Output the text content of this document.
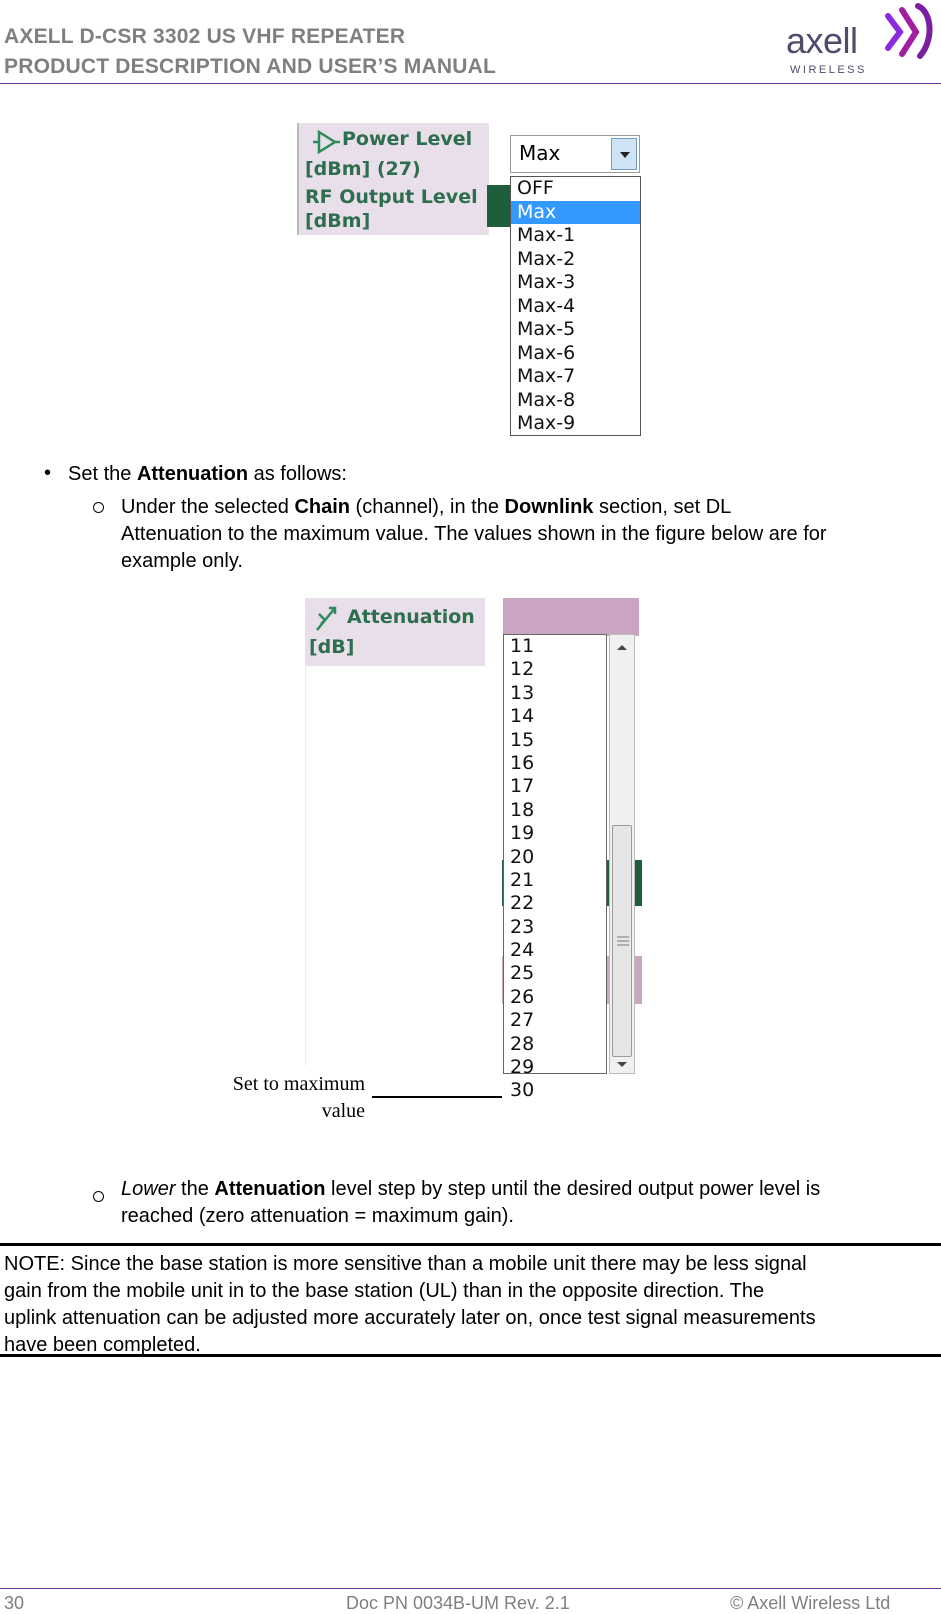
AXELL D-CSR 3302 US VHF REPEATER
PRODUCT DESCRIPTION AND USER’S MANUAL
axell
WIRELESS
Power Level
[dBm] (27)
RF Output Level
[dBm]
Max
OFF
Max
Max-1
Max-2
Max-3
Max-4
Max-5
Max-6
Max-7
Max-8
Max-9
• Set the Attenuation as follows:
Under the selected Chain (channel), in the Downlink section, set DL
Attenuation to the maximum value. The values shown in the figure below are for
example only.
Attenuation
[dB]	11
12
13
14
15
16
17
18
19
20
21
22
23
24
25
26
27
28
29
30
Set to maximum
value
Lower the Attenuation level step by step until the desired output power level is
reached (zero attenuation = maximum gain).
NOTE: Since the base station is more sensitive than a mobile unit there may be less signal
gain from the mobile unit in to the base station (UL) than in the opposite direction. The
uplink attenuation can be adjusted more accurately later on, once test signal measurements
have been completed.
30	Doc PN 0034B-UM Rev. 2.1	© Axell Wireless Ltd
